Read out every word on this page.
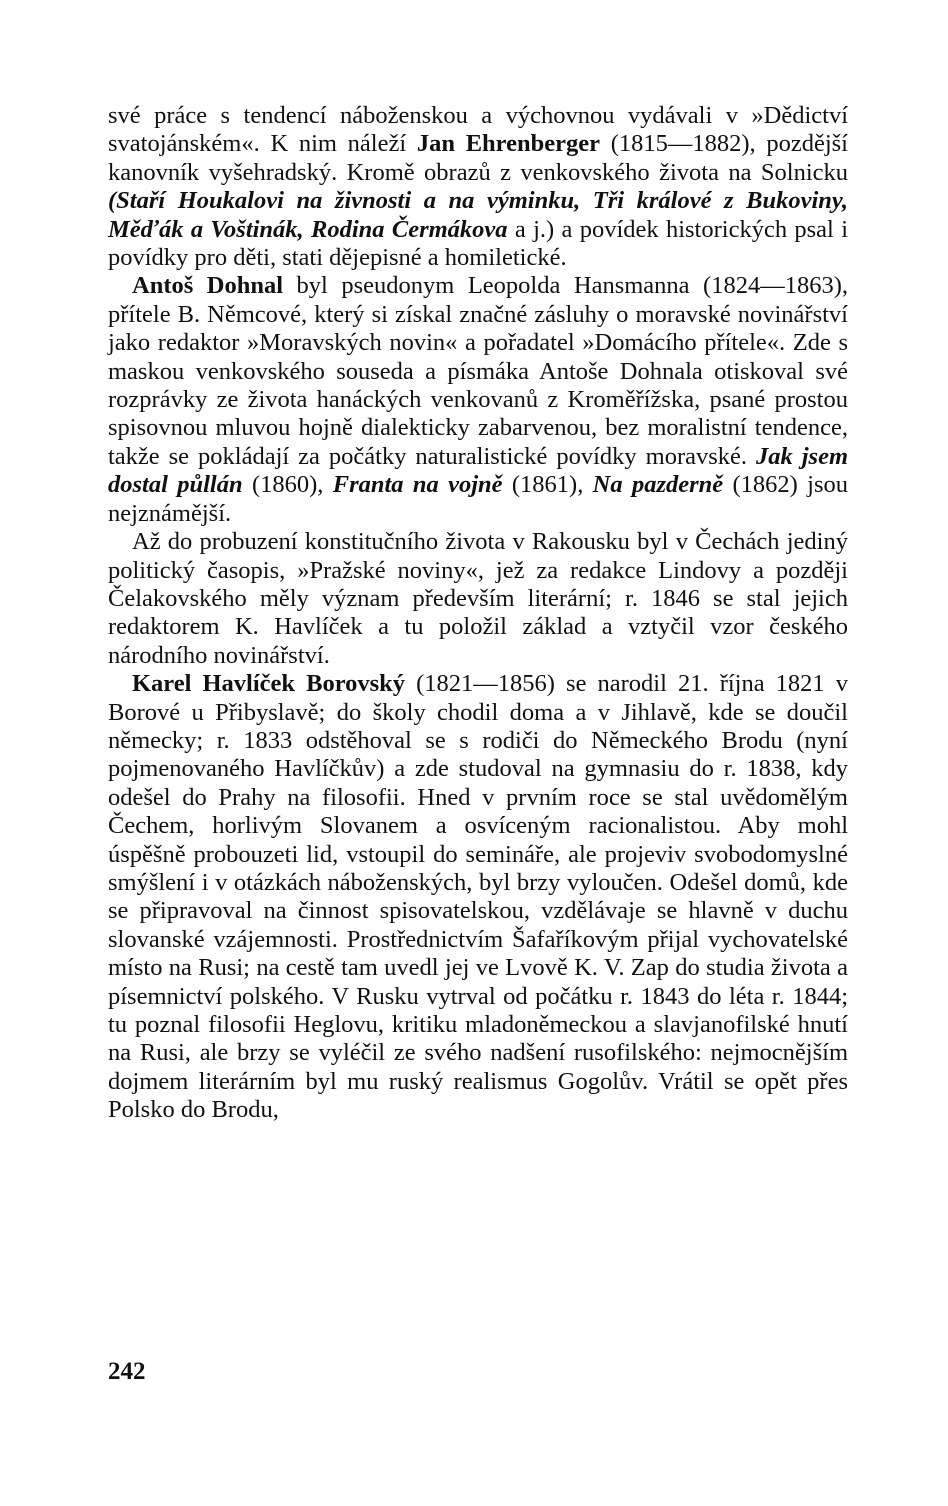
své práce s tendencí náboženskou a výchovnou vydávali v »Dědictví svatojánském«. K nim náleží Jan Ehrenberger (1815—1882), pozdější kanovník vyšehradský. Kromě obrazů z venkovského života na Solnicku (Staří Houkalovi na živnosti a na výminku, Tři králové z Bukoviny, Měďák a Voštinák, Rodina Čermákova a j.) a povídek historických psal i povídky pro děti, stati dějepisné a homiletické.

Antoš Dohnal byl pseudonym Leopolda Hansmanna (1824—1863), přítele B. Němcové, který si získal značné zásluhy o moravské novinářství jako redaktor »Moravských novin« a pořadatel »Domácího přítele«. Zde s maskou venkovského souseda a písmáka Antoše Dohnala otiskoval své rozprávky ze života hanáckých venkovanů z Kroměřížska, psané prostou spisovnou mluvou hojně dialekticky zabarvenou, bez moralistní tendence, takže se pokládají za počátky naturalistické povídky moravské. Jak jsem dostal půllán (1860), Franta na vojně (1861), Na pazderně (1862) jsou nejznámější.

Až do probuzení konstitučního života v Rakousku byl v Čechách jediný politický časopis, »Pražské noviny«, jež za redakce Lindovy a později Čelakovského měly význam především literární; r. 1846 se stal jejich redaktorem K. Havlíček a tu položil základ a vztyčil vzor českého národního novinářství.

Karel Havlíček Borovský (1821—1856) se narodil 21. října 1821 v Borové u Přibyslavě; do školy chodil doma a v Jihlavě, kde se doučil německy; r. 1833 odstěhoval se s rodiči do Německého Brodu (nyní pojmenovaného Havlíčkův) a zde studoval na gymnasiu do r. 1838, kdy odešel do Prahy na filosofii. Hned v prvním roce se stal uvědomělým Čechem, horlivým Slovanem a osvíceným racionalistou. Aby mohl úspěšně probouzeti lid, vstoupil do semináře, ale projeviv svobodomyslné smýšlení i v otázkách náboženských, byl brzy vyloučen. Odešel domů, kde se připravoval na činnost spisovatelskou, vzdělávaje se hlavně v duchu slovanské vzájemnosti. Prostřednictvím Šafaříkovým přijal vychovatelské místo na Rusi; na cestě tam uvedl jej ve Lvově K. V. Zap do studia života a písemnictví polského. V Rusku vytrval od počátku r. 1843 do léta r. 1844; tu poznal filosofii Heglovu, kritiku mladoněmeckou a slavjanofilské hnutí na Rusi, ale brzy se vyléčil ze svého nadšení rusofilského: nejmocnějším dojmem literárním byl mu ruský realismus Gogolův. Vrátil se opět přes Polsko do Brodu,

242
